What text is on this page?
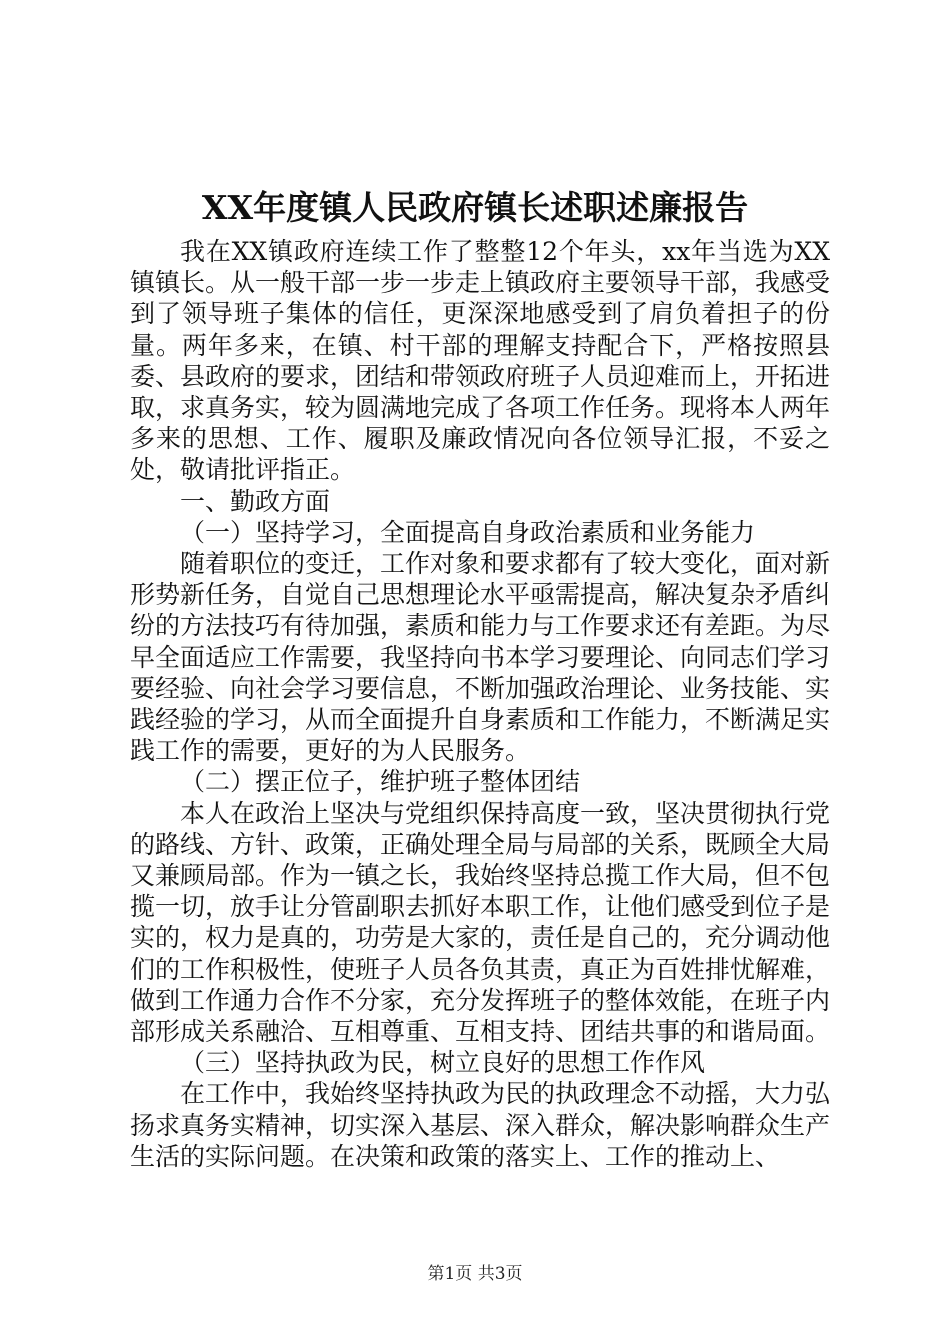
XX年度镇人民政府镇长述职述廉报告

我在XX镇政府连续工作了整整12个年头，xx年当选为XX镇镇长。从一般干部一步一步走上镇政府主要领导干部，我感受到了领导班子集体的信任，更深深地感受到了肩负着担子的份量。两年多来，在镇、村干部的理解支持配合下，严格按照县委、县政府的要求，团结和带领政府班子人员迎难而上，开拓进取，求真务实，较为圆满地完成了各项工作任务。现将本人两年多来的思想、工作、履职及廉政情况向各位领导汇报，不妥之处，敬请批评指正。

一、勤政方面

（一）坚持学习，全面提高自身政治素质和业务能力

随着职位的变迁，工作对象和要求都有了较大变化，面对新形势新任务，自觉自己思想理论水平亟需提高，解决复杂矛盾纠纷的方法技巧有待加强，素质和能力与工作要求还有差距。为尽早全面适应工作需要，我坚持向书本学习要理论、向同志们学习要经验、向社会学习要信息，不断加强政治理论、业务技能、实践经验的学习，从而全面提升自身素质和工作能力，不断满足实践工作的需要，更好的为人民服务。

（二）摆正位子，维护班子整体团结

本人在政治上坚决与党组织保持高度一致，坚决贯彻执行党的路线、方针、政策，正确处理全局与局部的关系，既顾全大局又兼顾局部。作为一镇之长，我始终坚持总揽工作大局，但不包揽一切，放手让分管副职去抓好本职工作，让他们感受到位子是实的，权力是真的，功劳是大家的，责任是自己的，充分调动他们的工作积极性，使班子人员各负其责，真正为百姓排忧解难，做到工作通力合作不分家，充分发挥班子的整体效能，在班子内部形成关系融洽、互相尊重、互相支持、团结共事的和谐局面。

（三）坚持执政为民，树立良好的思想工作作风

在工作中，我始终坚持执政为民的执政理念不动摇，大力弘扬求真务实精神，切实深入基层、深入群众，解决影响群众生产生活的实际问题。在决策和政策的落实上、工作的推动上、

第1页 共3页
